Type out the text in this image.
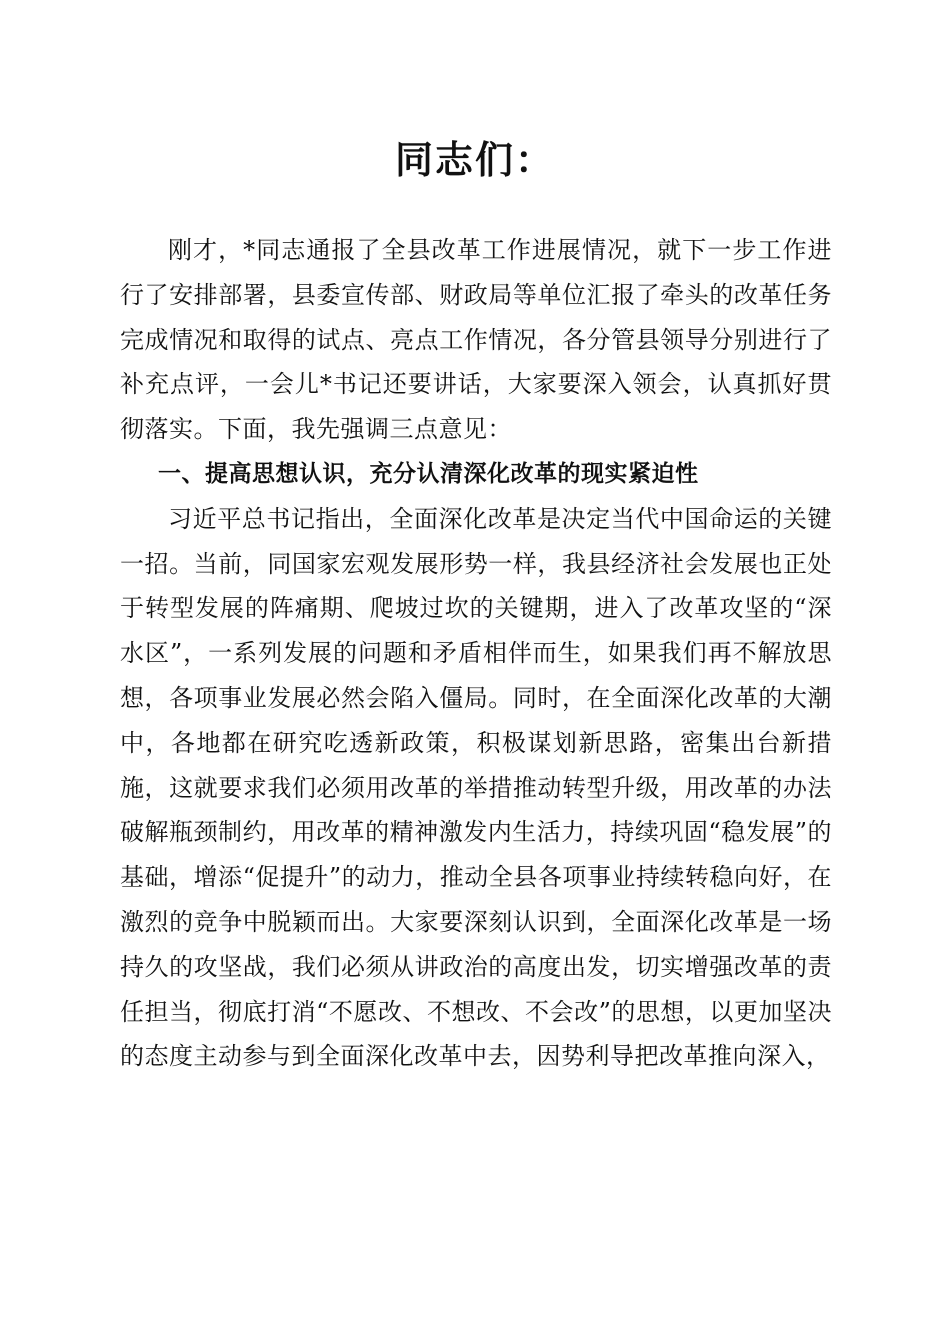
同志们：

刚才，*同志通报了全县改革工作进展情况，就下一步工作进行了安排部署，县委宣传部、财政局等单位汇报了牵头的改革任务完成情况和取得的试点、亮点工作情况，各分管县领导分别进行了补充点评，一会儿*书记还要讲话，大家要深入领会，认真抓好贯彻落实。下面，我先强调三点意见：

一、提高思想认识，充分认清深化改革的现实紧迫性

习近平总书记指出，全面深化改革是决定当代中国命运的关键一招。当前，同国家宏观发展形势一样，我县经济社会发展也正处于转型发展的阵痛期、爬坡过坎的关键期，进入了改革攻坚的“深水区”，一系列发展的问题和矛盾相伴而生，如果我们再不解放思想，各项事业发展必然会陷入僵局。同时，在全面深化改革的大潮中，各地都在研究吃透新政策，积极谋划新思路，密集出台新措施，这就要求我们必须用改革的举措推动转型升级，用改革的办法破解瓶颈制约，用改革的精神激发内生活力，持续巩固“稳发展”的基础，增添“促提升”的动力，推动全县各项事业持续转稳向好，在激烈的竞争中脱颖而出。大家要深刻认识到，全面深化改革是一场持久的攻坚战，我们必须从讲政治的高度出发，切实增强改革的责任担当，彻底打消“不愿改、不想改、不会改”的思想，以更加坚决的态度主动参与到全面深化改革中去，因势利导把改革推向深入，
